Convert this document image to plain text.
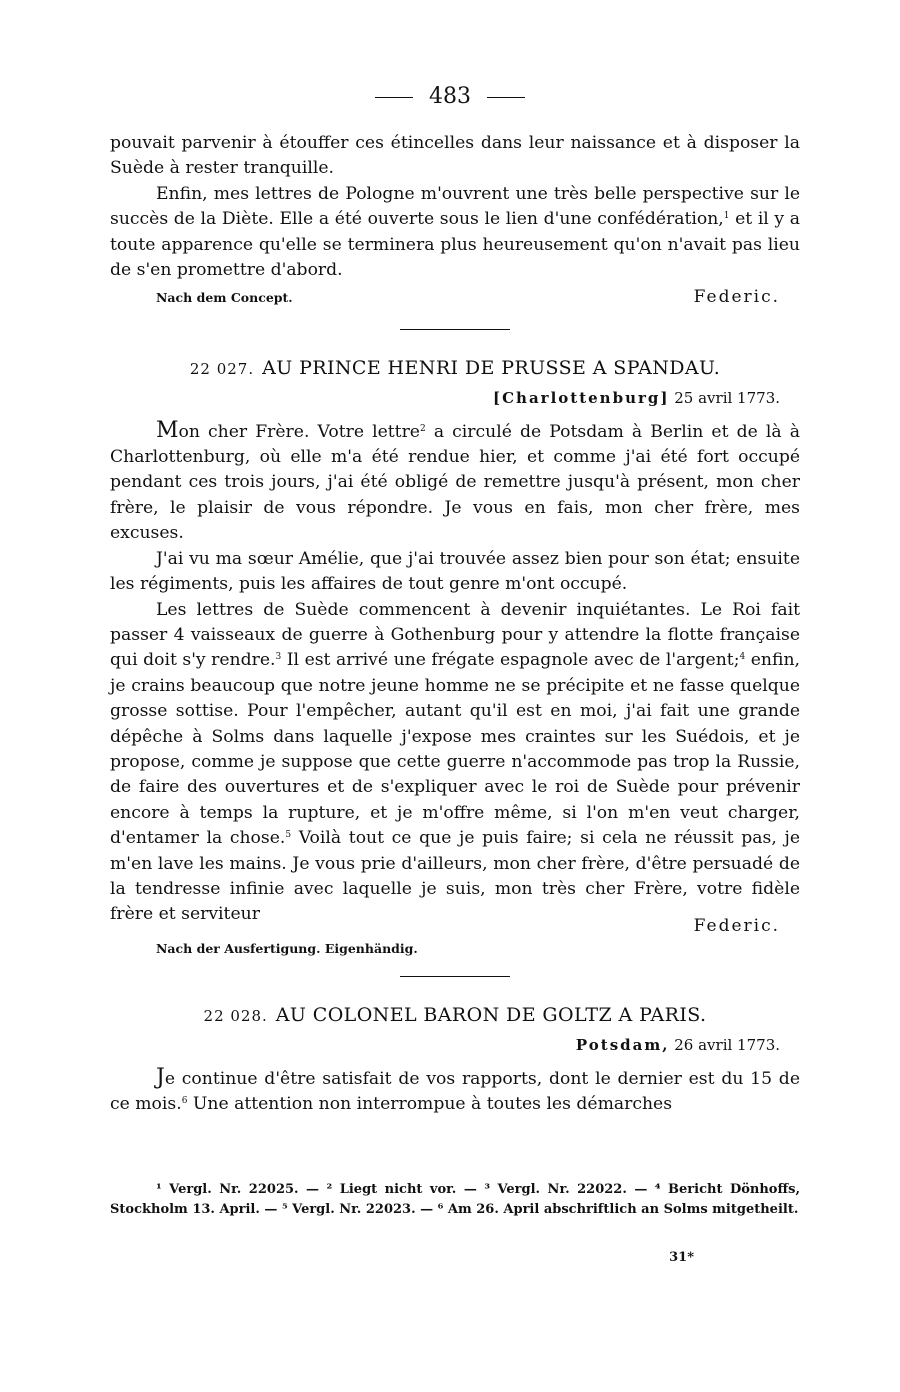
483

pouvait parvenir à étouffer ces étincelles dans leur naissance et à disposer la Suède à rester tranquille.

Enfin, mes lettres de Pologne m'ouvrent une très belle perspective sur le succès de la Diète. Elle a été ouverte sous le lien d'une confédération,$^1$ et il y a toute apparence qu'elle se terminera plus heureusement qu'on n'avait pas lieu de s'en promettre d'abord.

Nach dem Concept.	Federic.
22 027. AU PRINCE HENRI DE PRUSSE A SPANDAU.
[Charlottenburg] 25 avril 1773.

Mon cher Frère. Votre lettre$^2$ a circulé de Potsdam à Berlin et de là à Charlottenburg, où elle m'a été rendue hier, et comme j'ai été fort occupé pendant ces trois jours, j'ai été obligé de remettre jusqu'à présent, mon cher frère, le plaisir de vous répondre. Je vous en fais, mon cher frère, mes excuses.

J'ai vu ma sœur Amélie, que j'ai trouvée assez bien pour son état; ensuite les régiments, puis les affaires de tout genre m'ont occupé.

Les lettres de Suède commencent à devenir inquiétantes. Le Roi fait passer 4 vaisseaux de guerre à Gothenburg pour y attendre la flotte française qui doit s'y rendre.$^3$ Il est arrivé une frégate espagnole avec de l'argent;$^4$ enfin, je crains beaucoup que notre jeune homme ne se précipite et ne fasse quelque grosse sottise. Pour l'empêcher, autant qu'il est en moi, j'ai fait une grande dépêche à Solms dans laquelle j'expose mes craintes sur les Suédois, et je propose, comme je suppose que cette guerre n'accommode pas trop la Russie, de faire des ouvertures et de s'expliquer avec le roi de Suède pour prévenir encore à temps la rupture, et je m'offre même, si l'on m'en veut charger, d'entamer la chose.$^5$ Voilà tout ce que je puis faire; si cela ne réussit pas, je m'en lave les mains. Je vous prie d'ailleurs, mon cher frère, d'être persuadé de la tendresse infinie avec laquelle je suis, mon très cher Frère, votre fidèle frère et serviteur

Nach der Ausfertigung. Eigenhändig.
Federic.
22 028. AU COLONEL BARON DE GOLTZ A PARIS.
Potsdam, 26 avril 1773.

Je continue d'être satisfait de vos rapports, dont le dernier est du 15 de ce mois.$^6$ Une attention non interrompue à toutes les démarches

¹ Vergl. Nr. 22025. — ² Liegt nicht vor. — ³ Vergl. Nr. 22022. — ⁴ Bericht Dönhoffs, Stockholm 13. April. — ⁵ Vergl. Nr. 22023. — ⁶ Am 26. April abschriftlich an Solms mitgetheilt.
31*
